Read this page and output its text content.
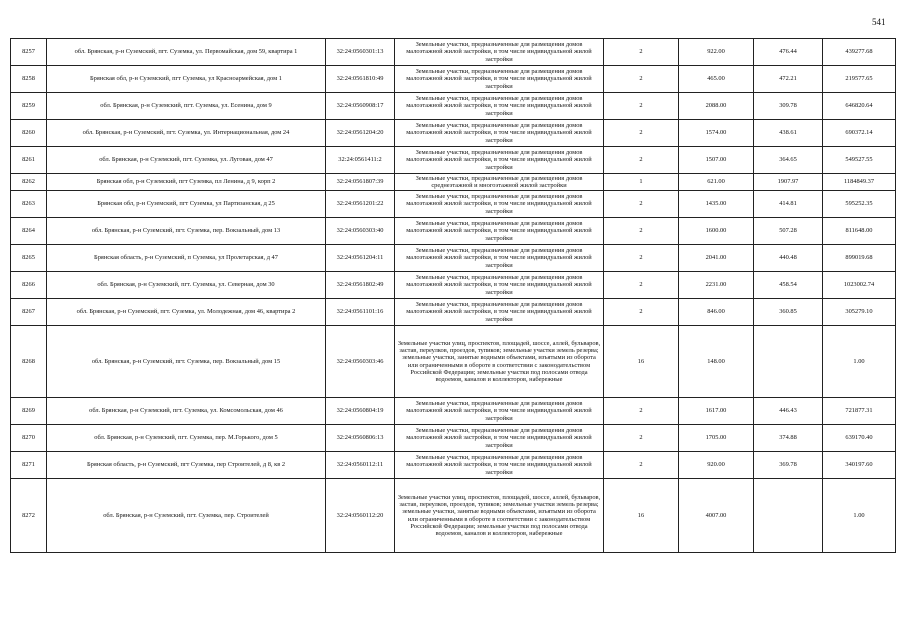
541
8257	обл. Брянская, р-н Суземский, пгт. Суземка, ул. Первомайская, дом 59, квартира 1	32:24:0560301:13	Земельные участки, предназначенные для размещения домов малоэтажной жилой застройки, в том числе индивидуальной жилой застройки	2	922.00	476.44	439277.68
8258	Брянская обл, р-н Суземский, пгт Суземка, ул Красноармейская, дом 1	32:24:0561810:49	Земельные участки, предназначенные для размещения домов малоэтажной жилой застройки, в том числе индивидуальной жилой застройки	2	465.00	472.21	219577.65
8259	обл. Брянская, р-н Суземский, пгт. Суземка, ул. Есенина, дом 9	32:24:0560908:17	Земельные участки, предназначенные для размещения домов малоэтажной жилой застройки, в том числе индивидуальной жилой застройки	2	2088.00	309.78	646820.64
8260	обл. Брянская, р-н Суземский, пгт. Суземка, ул. Интернациональная, дом 24	32:24:0561204:20	Земельные участки, предназначенные для размещения домов малоэтажной жилой застройки, в том числе индивидуальной жилой застройки	2	1574.00	438.61	690372.14
8261	обл. Брянская, р-н Суземский, пгт. Суземка, ул. Луговая, дом 47	32:24:0561411:2	Земельные участки, предназначенные для размещения домов малоэтажной жилой застройки, в том числе индивидуальной жилой застройки	2	1507.00	364.65	549527.55
8262	Брянская обл, р-н Суземский, пгт Суземка, пл Ленина, д 9, корп 2	32:24:0561807:39	Земельные участки, предназначенные для размещения домов среднеэтажной и многоэтажной жилой застройки	1	621.00	1907.97	1184849.37
8263	Брянская обл, р-н Суземский, пгт Суземка, ул Партизанская, д 25	32:24:0561201:22	Земельные участки, предназначенные для размещения домов малоэтажной жилой застройки, в том числе индивидуальной жилой застройки	2	1435.00	414.81	595252.35
8264	обл. Брянская, р-н Суземский, пгт. Суземка, пер. Вокзальный, дом 13	32:24:0560303:40	Земельные участки, предназначенные для размещения домов малоэтажной жилой застройки, в том числе индивидуальной жилой застройки	2	1600.00	507.28	811648.00
8265	Брянская область, р-н Суземский, п Суземка, ул Пролетарская, д 47	32:24:0561204:11	Земельные участки, предназначенные для размещения домов малоэтажной жилой застройки, в том числе индивидуальной жилой застройки	2	2041.00	440.48	899019.68
8266	обл. Брянская, р-н Суземский, пгт. Суземка, ул. Северная, дом 30	32:24:0561802:49	Земельные участки, предназначенные для размещения домов малоэтажной жилой застройки, в том числе индивидуальной жилой застройки	2	2231.00	458.54	1023002.74
8267	обл. Брянская, р-н Суземский, пгт. Суземка, ул. Молодежная, дом 46, квартира 2	32:24:0561101:16	Земельные участки, предназначенные для размещения домов малоэтажной жилой застройки, в том числе индивидуальной жилой застройки	2	846.00	360.85	305279.10
8268	обл. Брянская, р-н Суземский, пгт. Суземка, пер. Вокзальный, дом 15	32:24:0560303:46	Земельные участки улиц, проспектов, площадей, шоссе, аллей, бульваров, застав, переулков, проездов, тупиков; земельные участки земель резерва; земельные участки, занятые водными объектами, изъятыми из оборота или ограниченными в обороте в соответствии с законодательством Российской Федерации; земельные участки под полосами отвода водоемов, каналов и коллекторов, набережные	16	148.00		1.00
8269	обл. Брянская, р-н Суземский, пгт. Суземка, ул. Комсомольская, дом 46	32:24:0560804:19	Земельные участки, предназначенные для размещения домов малоэтажной жилой застройки, в том числе индивидуальной жилой застройки	2	1617.00	446.43	721877.31
8270	обл. Брянская, р-н Суземский, пгт. Суземка, пер. М.Горького, дом 5	32:24:0560806:13	Земельные участки, предназначенные для размещения домов малоэтажной жилой застройки, в том числе индивидуальной жилой застройки	2	1705.00	374.88	639170.40
8271	Брянская область, р-н Суземский, пгт Суземка, пер Строителей, д 8, кв 2	32:24:0560112:11	Земельные участки, предназначенные для размещения домов малоэтажной жилой застройки, в том числе индивидуальной жилой застройки	2	920.00	369.78	340197.60
8272	обл. Брянская, р-н Суземский, пгт. Суземка, пер. Строителей	32:24:0560112:20	Земельные участки улиц, проспектов, площадей, шоссе, аллей, бульваров, застав, переулков, проездов, тупиков; земельные участки земель резерва; земельные участки, занятые водными объектами, изъятыми из оборота или ограниченными в обороте в соответствии с законодательством Российской Федерации; земельные участки под полосами отвода водоемов, каналов и коллекторов, набережные	16	4007.00		1.00
